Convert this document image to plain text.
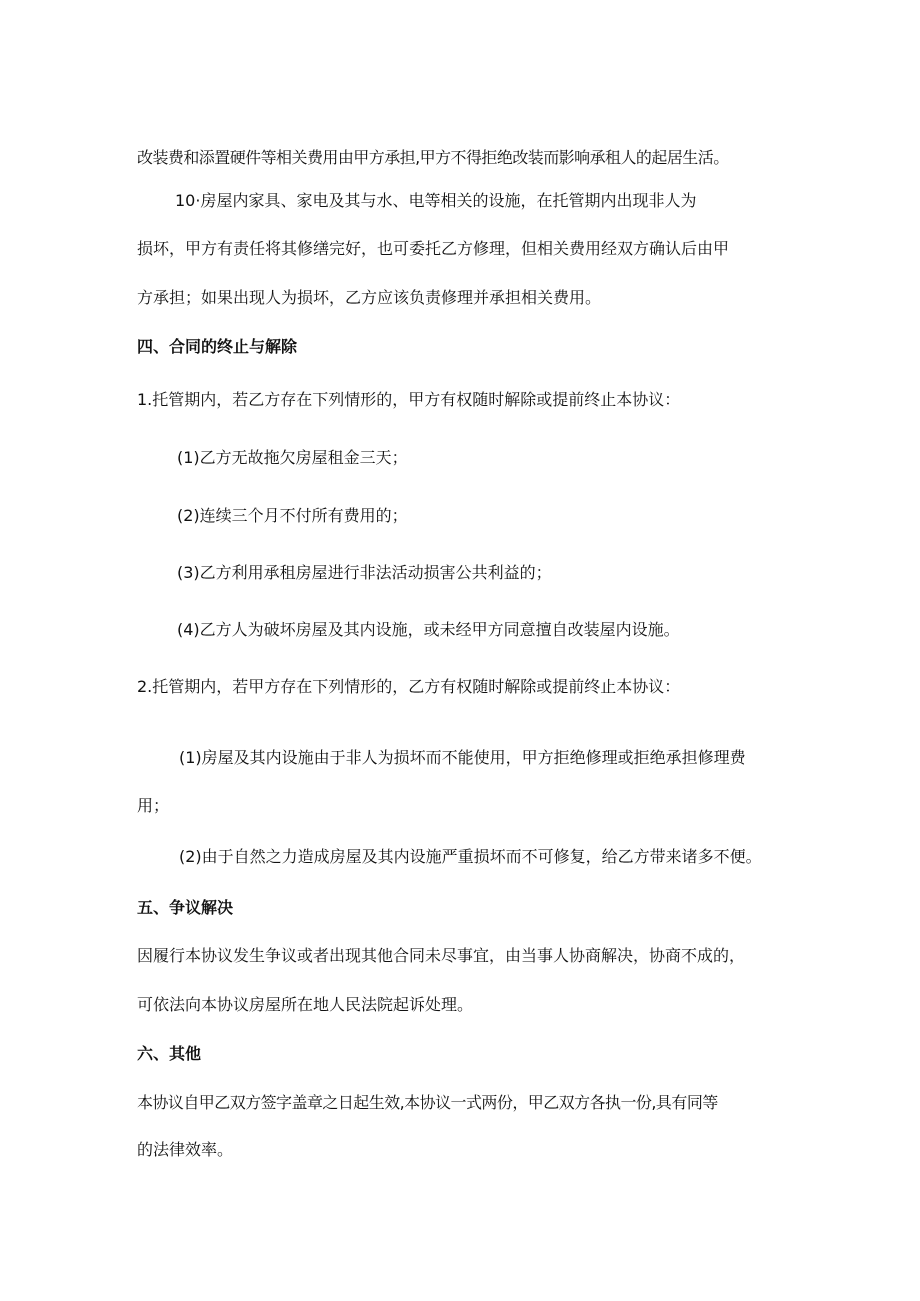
改装费和添置硬件等相关费用由甲方承担,甲方不得拒绝改装而影响承租人的起居生活。

10·房屋内家具、家电及其与水、电等相关的设施，在托管期内出现非人为

损坏，甲方有责任将其修缮完好，也可委托乙方修理，但相关费用经双方确认后由甲

方承担；如果出现人为损坏，乙方应该负责修理并承担相关费用。

四、合同的终止与解除

1.托管期内，若乙方存在下列情形的，甲方有权随时解除或提前终止本协议：

(1)乙方无故拖欠房屋租金三天；

(2)连续三个月不付所有费用的；

(3)乙方利用承租房屋进行非法活动损害公共利益的；

(4)乙方人为破坏房屋及其内设施，或未经甲方同意擅自改装屋内设施。

2.托管期内，若甲方存在下列情形的，乙方有权随时解除或提前终止本协议：

(1)房屋及其内设施由于非人为损坏而不能使用，甲方拒绝修理或拒绝承担修理费

用；

(2)由于自然之力造成房屋及其内设施严重损坏而不可修复，给乙方带来诸多不便。

五、争议解决

因履行本协议发生争议或者出现其他合同未尽事宜，由当事人协商解决，协商不成的，

可依法向本协议房屋所在地人民法院起诉处理。

六、其他

本协议自甲乙双方签字盖章之日起生效,本协议一式两份，甲乙双方各执一份,具有同等

的法律效率。
